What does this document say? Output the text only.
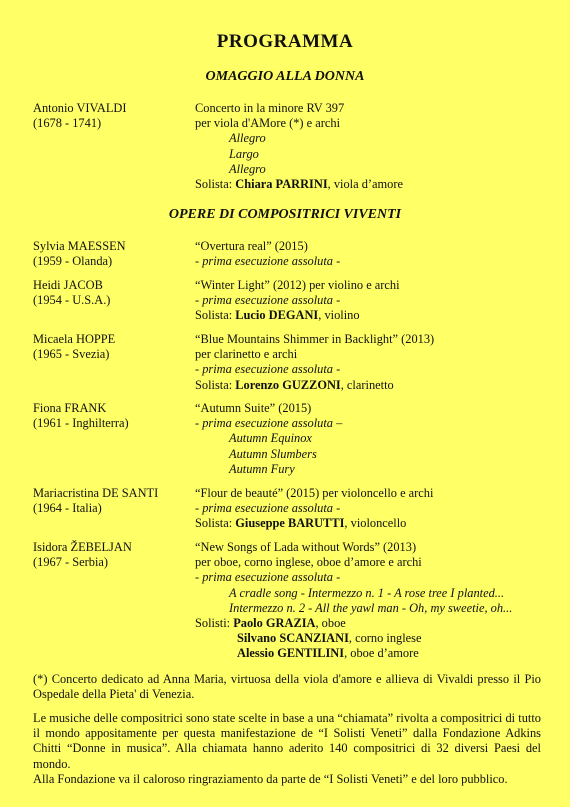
PROGRAMMA
OMAGGIO ALLA DONNA
Antonio VIVALDI
(1678 - 1741)
Concerto in la minore RV 397
per viola d'AMore (*) e archi
Allegro
Largo
Allegro
Solista: Chiara PARRINI, viola d’amore
OPERE DI COMPOSITRICI VIVENTI
Sylvia MAESSEN
(1959 - Olanda)
“Overtura real” (2015)
- prima esecuzione assoluta -
Heidi JACOB
(1954 - U.S.A.)
“Winter Light” (2012) per violino e archi
- prima esecuzione assoluta -
Solista: Lucio DEGANI, violino
Micaela HOPPE
(1965 - Svezia)
“Blue Mountains Shimmer in Backlight” (2013)
per clarinetto e archi
- prima esecuzione assoluta -
Solista: Lorenzo GUZZONI, clarinetto
Fiona FRANK
(1961 - Inghilterra)
“Autumn Suite” (2015)
- prima esecuzione assoluta –
Autumn Equinox
Autumn Slumbers
Autumn Fury
Mariacristina DE SANTI
(1964 - Italia)
“Flour de beauté” (2015) per violoncello e archi
- prima esecuzione assoluta -
Solista: Giuseppe BARUTTI, violoncello
Isidora ŽEBELJAN
(1967 - Serbia)
“New Songs of Lada without Words” (2013)
per oboe, corno inglese, oboe d’amore e archi
- prima esecuzione assoluta -
A cradle song - Intermezzo n. 1 - A rose tree I planted...
Intermezzo n. 2 - All the yawl man - Oh, my sweetie, oh...
Solisti: Paolo GRAZIA, oboe
Silvano SCANZIANI, corno inglese
Alessio GENTILINI, oboe d’amore

(*) Concerto dedicato ad Anna Maria, virtuosa della viola d'amore e allieva di Vivaldi presso il Pio Ospedale della Pieta' di Venezia.

Le musiche delle compositrici sono state scelte in base a una “chiamata” rivolta a compositrici di tutto il mondo appositamente per questa manifestazione de “I Solisti Veneti” dalla Fondazione Adkins Chitti “Donne in musica”. Alla chiamata hanno aderito 140 compositrici di 32 diversi Paesi del mondo.

Alla Fondazione va il caloroso ringraziamento da parte de “I Solisti Veneti” e del loro pubblico.
